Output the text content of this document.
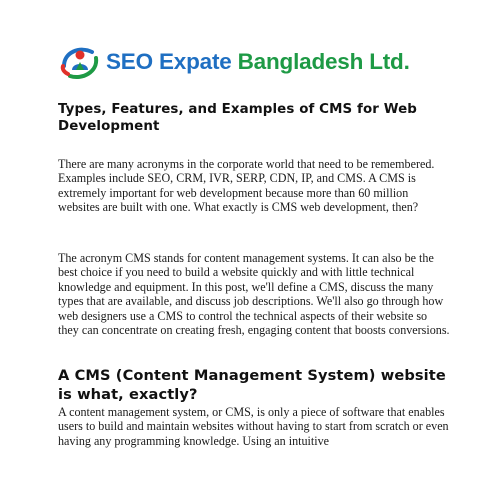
SEO Expate Bangladesh Ltd.
Types, Features, and Examples of CMS for Web Development

There are many acronyms in the corporate world that need to be remembered. Examples include SEO, CRM, IVR, SERP, CDN, IP, and CMS. A CMS is extremely important for web development because more than 60 million websites are built with one. What exactly is CMS web development, then?

The acronym CMS stands for content management systems. It can also be the best choice if you need to build a website quickly and with little technical knowledge and equipment. In this post, we'll define a CMS, discuss the many types that are available, and discuss job descriptions. We'll also go through how web designers use a CMS to control the technical aspects of their website so they can concentrate on creating fresh, engaging content that boosts conversions.

A CMS (Content Management System) website is what, exactly?

A content management system, or CMS, is only a piece of software that enables users to build and maintain websites without having to start from scratch or even having any programming knowledge. Using an intuitive
